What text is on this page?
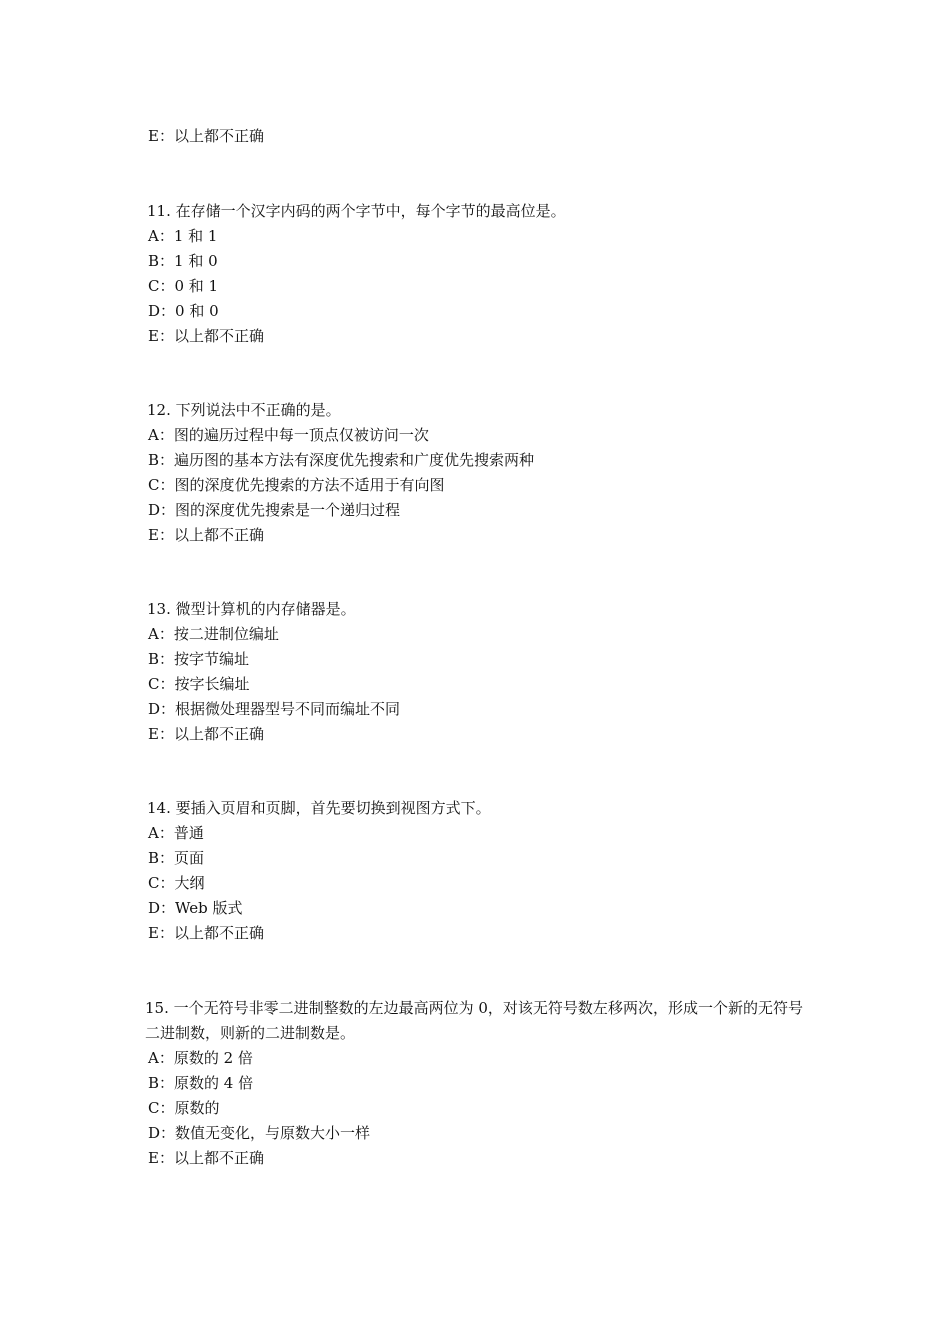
E：以上都不正确
11. 在存储一个汉字内码的两个字节中，每个字节的最高位是。
A：1 和 1
B：1 和 0
C：0 和 1
D：0 和 0
E：以上都不正确
12. 下列说法中不正确的是。
A：图的遍历过程中每一顶点仅被访问一次
B：遍历图的基本方法有深度优先搜索和广度优先搜索两种
C：图的深度优先搜索的方法不适用于有向图
D：图的深度优先搜索是一个递归过程
E：以上都不正确
13. 微型计算机的内存储器是。
A：按二进制位编址
B：按字节编址
C：按字长编址
D：根据微处理器型号不同而编址不同
E：以上都不正确
14. 要插入页眉和页脚，首先要切换到视图方式下。
A：普通
B：页面
C：大纲
D：Web 版式
E：以上都不正确
15. 一个无符号非零二进制整数的左边最高两位为 0，对该无符号数左移两次，形成一个新的无符号二进制数，则新的二进制数是。
A：原数的 2 倍
B：原数的 4 倍
C：原数的
D：数值无变化，与原数大小一样
E：以上都不正确
